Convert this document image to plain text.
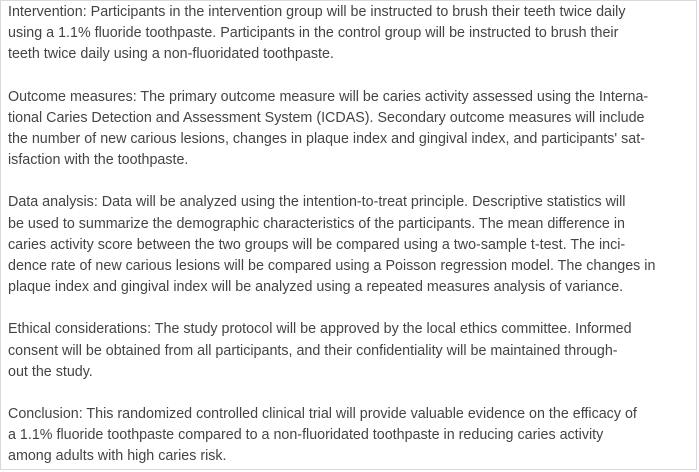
Intervention: Participants in the intervention group will be instructed to brush their teeth twice daily
using a 1.1% fluoride toothpaste. Participants in the control group will be instructed to brush their
teeth twice daily using a non-fluoridated toothpaste.

Outcome measures: The primary outcome measure will be caries activity assessed using the Interna-
tional Caries Detection and Assessment System (ICDAS). Secondary outcome measures will include
the number of new carious lesions, changes in plaque index and gingival index, and participants' sat-
isfaction with the toothpaste.

Data analysis: Data will be analyzed using the intention-to-treat principle. Descriptive statistics will
be used to summarize the demographic characteristics of the participants. The mean difference in
caries activity score between the two groups will be compared using a two-sample t-test. The inci-
dence rate of new carious lesions will be compared using a Poisson regression model. The changes in
plaque index and gingival index will be analyzed using a repeated measures analysis of variance.

Ethical considerations: The study protocol will be approved by the local ethics committee. Informed
consent will be obtained from all participants, and their confidentiality will be maintained through-
out the study.

Conclusion: This randomized controlled clinical trial will provide valuable evidence on the efficacy of
a 1.1% fluoride toothpaste compared to a non-fluoridated toothpaste in reducing caries activity
among adults with high caries risk.
